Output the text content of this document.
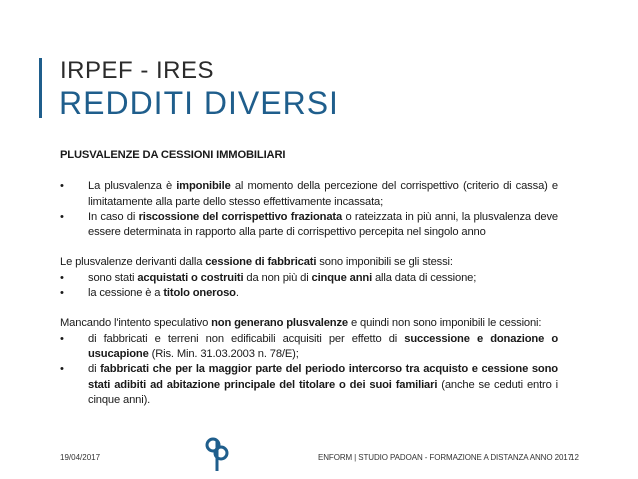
IRPEF - IRES
REDDITI DIVERSI
PLUSVALENZE DA CESSIONI IMMOBILIARI
• La plusvalenza è imponibile al momento della percezione del corrispettivo (criterio di cassa) e limitatamente alla parte dello stesso effettivamente incassata;
• In caso di riscossione del corrispettivo frazionata o rateizzata in più anni, la plusvalenza deve essere determinata in rapporto alla parte di corrispettivo percepita nel singolo anno
Le plusvalenze derivanti dalla cessione di fabbricati sono imponibili se gli stessi:
• sono stati acquistati o costruiti da non più di cinque anni alla data di cessione;
• la cessione è a titolo oneroso.
Mancando l'intento speculativo non generano plusvalenze e quindi non sono imponibili le cessioni:
• di fabbricati e terreni non edificabili acquisiti per effetto di successione e donazione o usucapione (Ris. Min. 31.03.2003 n. 78/E);
• di fabbricati che per la maggior parte del periodo intercorso tra acquisto e cessione sono stati adibiti ad abitazione principale del titolare o dei suoi familiari (anche se ceduti entro i cinque anni).
19/04/2017	ENFORM | STUDIO PADOAN - FORMAZIONE A DISTANZA ANNO 2017
12
